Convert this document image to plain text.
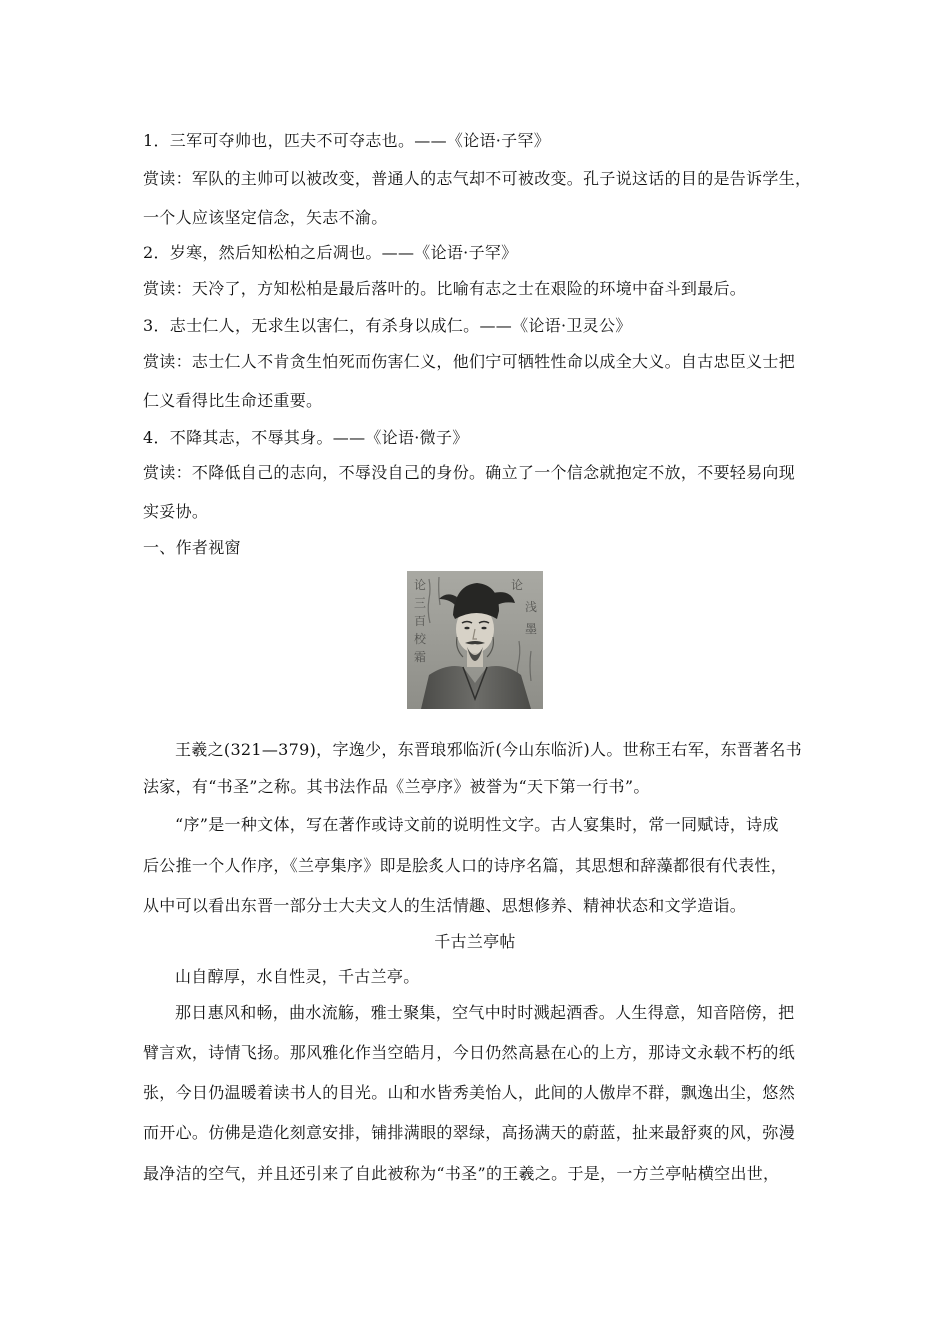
1．三军可夺帅也，匹夫不可夺志也。——《论语·子罕》
赏读：军队的主帅可以被改变，普通人的志气却不可被改变。孔子说这话的目的是告诉学生，
一个人应该坚定信念，矢志不渝。
2．岁寒，然后知松柏之后凋也。——《论语·子罕》
赏读：天冷了，方知松柏是最后落叶的。比喻有志之士在艰险的环境中奋斗到最后。
3．志士仁人，无求生以害仁，有杀身以成仁。——《论语·卫灵公》
赏读：志士仁人不肯贪生怕死而伤害仁义，他们宁可牺牲性命以成全大义。自古忠臣义士把
仁义看得比生命还重要。
4．不降其志，不辱其身。——《论语·微子》
赏读：不降低自己的志向，不辱没自己的身份。确立了一个信念就抱定不放，不要轻易向现
实妥协。
一、作者视窗
论
三
百
校
霜
论
浅
墨
王羲之(321—379)，字逸少，东晋琅邪临沂(今山东临沂)人。世称王右军，东晋著名书
法家，有“书圣”之称。其书法作品《兰亭序》被誉为“天下第一行书”。
“序”是一种文体，写在著作或诗文前的说明性文字。古人宴集时，常一同赋诗，诗成
后公推一个人作序，《兰亭集序》即是脍炙人口的诗序名篇，其思想和辞藻都很有代表性，
从中可以看出东晋一部分士大夫文人的生活情趣、思想修养、精神状态和文学造诣。
千古兰亭帖
山自醇厚，水自性灵，千古兰亭。
那日惠风和畅，曲水流觞，雅士聚集，空气中时时溅起酒香。人生得意，知音陪傍，把
臂言欢，诗情飞扬。那风雅化作当空皓月，今日仍然高悬在心的上方，那诗文永载不朽的纸
张，今日仍温暖着读书人的目光。山和水皆秀美怡人，此间的人傲岸不群，飘逸出尘，悠然
而开心。仿佛是造化刻意安排，铺排满眼的翠绿，高扬满天的蔚蓝，扯来最舒爽的风，弥漫
最净洁的空气，并且还引来了自此被称为“书圣”的王羲之。于是，一方兰亭帖横空出世，
